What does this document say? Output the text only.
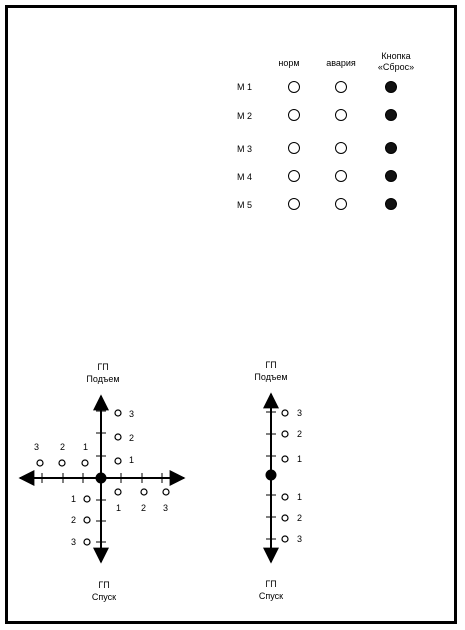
норм	авария
Кнопка
«Сброс»
М 1
М 2
М 3
М 4
М 5
ГП
Подъем
ГП
Спуск
3
2
1
3 2 1
1
2
3
1 2 3
ГП
Подъем
ГП
Спуск
3
2
1
1
2
3
